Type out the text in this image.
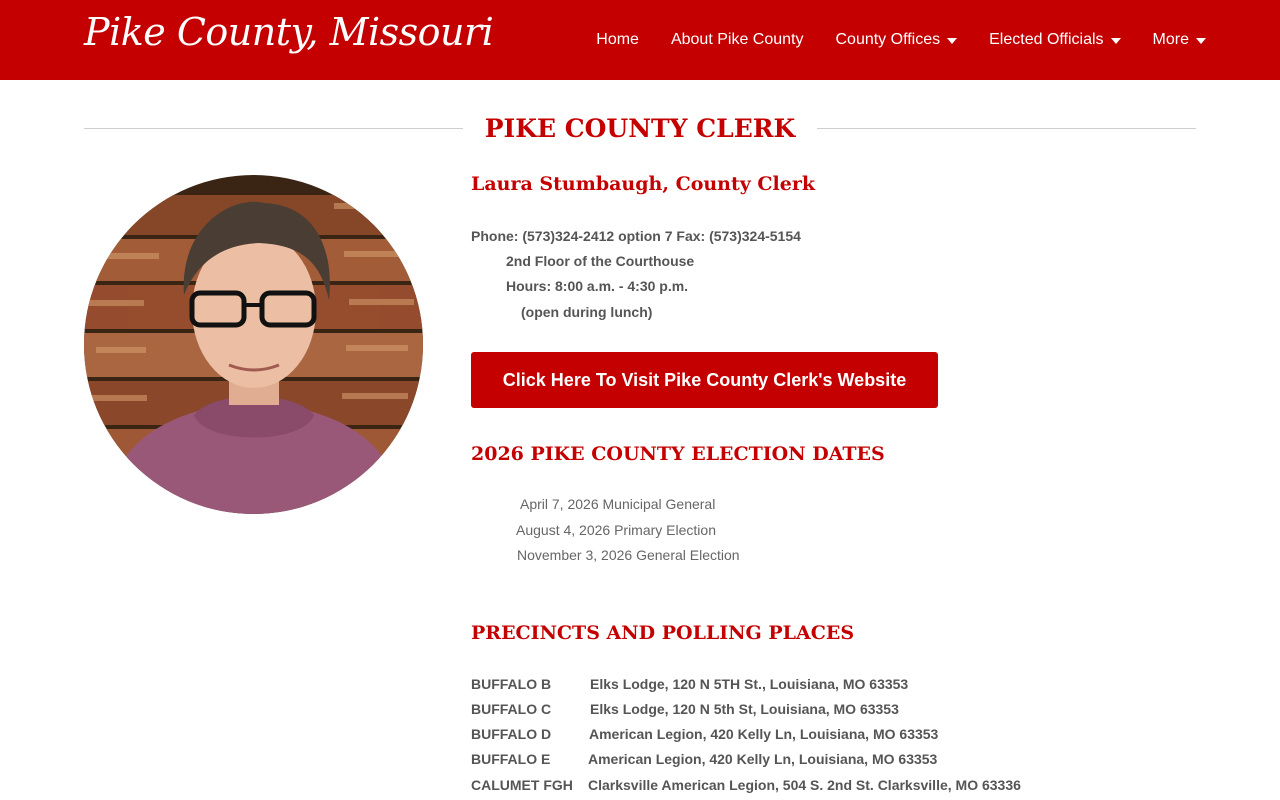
Pike County, Missouri	Home About Pike County County Offices	Elected Officials	More
PIKE COUNTY CLERK
Laura Stumbaugh, County Clerk
Phone: (573)324-2412 option 7 Fax: (573)324-5154
2nd Floor of the Courthouse
Hours: 8:00 a.m. - 4:30 p.m.
(open during lunch)
Click Here To Visit Pike County Clerk's Website
2026 PIKE COUNTY ELECTION DATES
April 7, 2026 Municipal General
August 4, 2026 Primary Election
November 3, 2026 General Election
PRECINCTS AND POLLING PLACES
BUFFALO B	Elks Lodge, 120 N 5TH St., Louisiana, MO 63353
BUFFALO C	Elks Lodge, 120 N 5th St, Louisiana, MO 63353
BUFFALO D	American Legion, 420 Kelly Ln, Louisiana, MO 63353
BUFFALO E	American Legion, 420 Kelly Ln, Louisiana, MO 63353
CALUMET FGH Clarksville American Legion, 504 S. 2nd St. Clarksville, MO 63336
